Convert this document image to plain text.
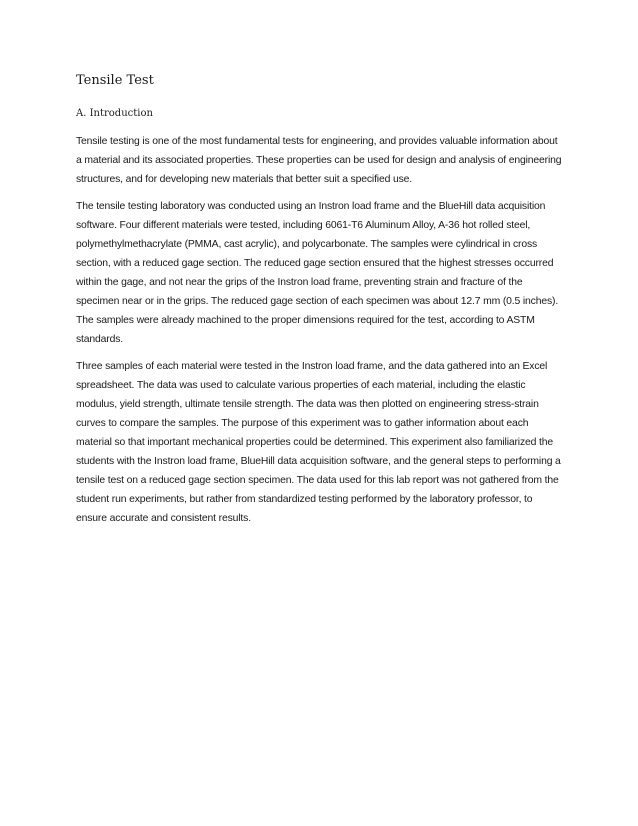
Tensile Test
A. Introduction

Tensile testing is one of the most fundamental tests for engineering, and provides valuable information about a material and its associated properties. These properties can be used for design and analysis of engineering structures, and for developing new materials that better suit a specified use.

The tensile testing laboratory was conducted using an Instron load frame and the BlueHill data acquisition software. Four different materials were tested, including 6061-T6 Aluminum Alloy, A-36 hot rolled steel, polymethylmethacrylate (PMMA, cast acrylic), and polycarbonate. The samples were cylindrical in cross section, with a reduced gage section. The reduced gage section ensured that the highest stresses occurred within the gage, and not near the grips of the Instron load frame, preventing strain and fracture of the specimen near or in the grips. The reduced gage section of each specimen was about 12.7 mm (0.5 inches). The samples were already machined to the proper dimensions required for the test, according to ASTM standards.

Three samples of each material were tested in the Instron load frame, and the data gathered into an Excel spreadsheet. The data was used to calculate various properties of each material, including the elastic modulus, yield strength, ultimate tensile strength. The data was then plotted on engineering stress-strain curves to compare the samples. The purpose of this experiment was to gather information about each material so that important mechanical properties could be determined. This experiment also familiarized the students with the Instron load frame, BlueHill data acquisition software, and the general steps to performing a tensile test on a reduced gage section specimen. The data used for this lab report was not gathered from the student run experiments, but rather from standardized testing performed by the laboratory professor, to ensure accurate and consistent results.
